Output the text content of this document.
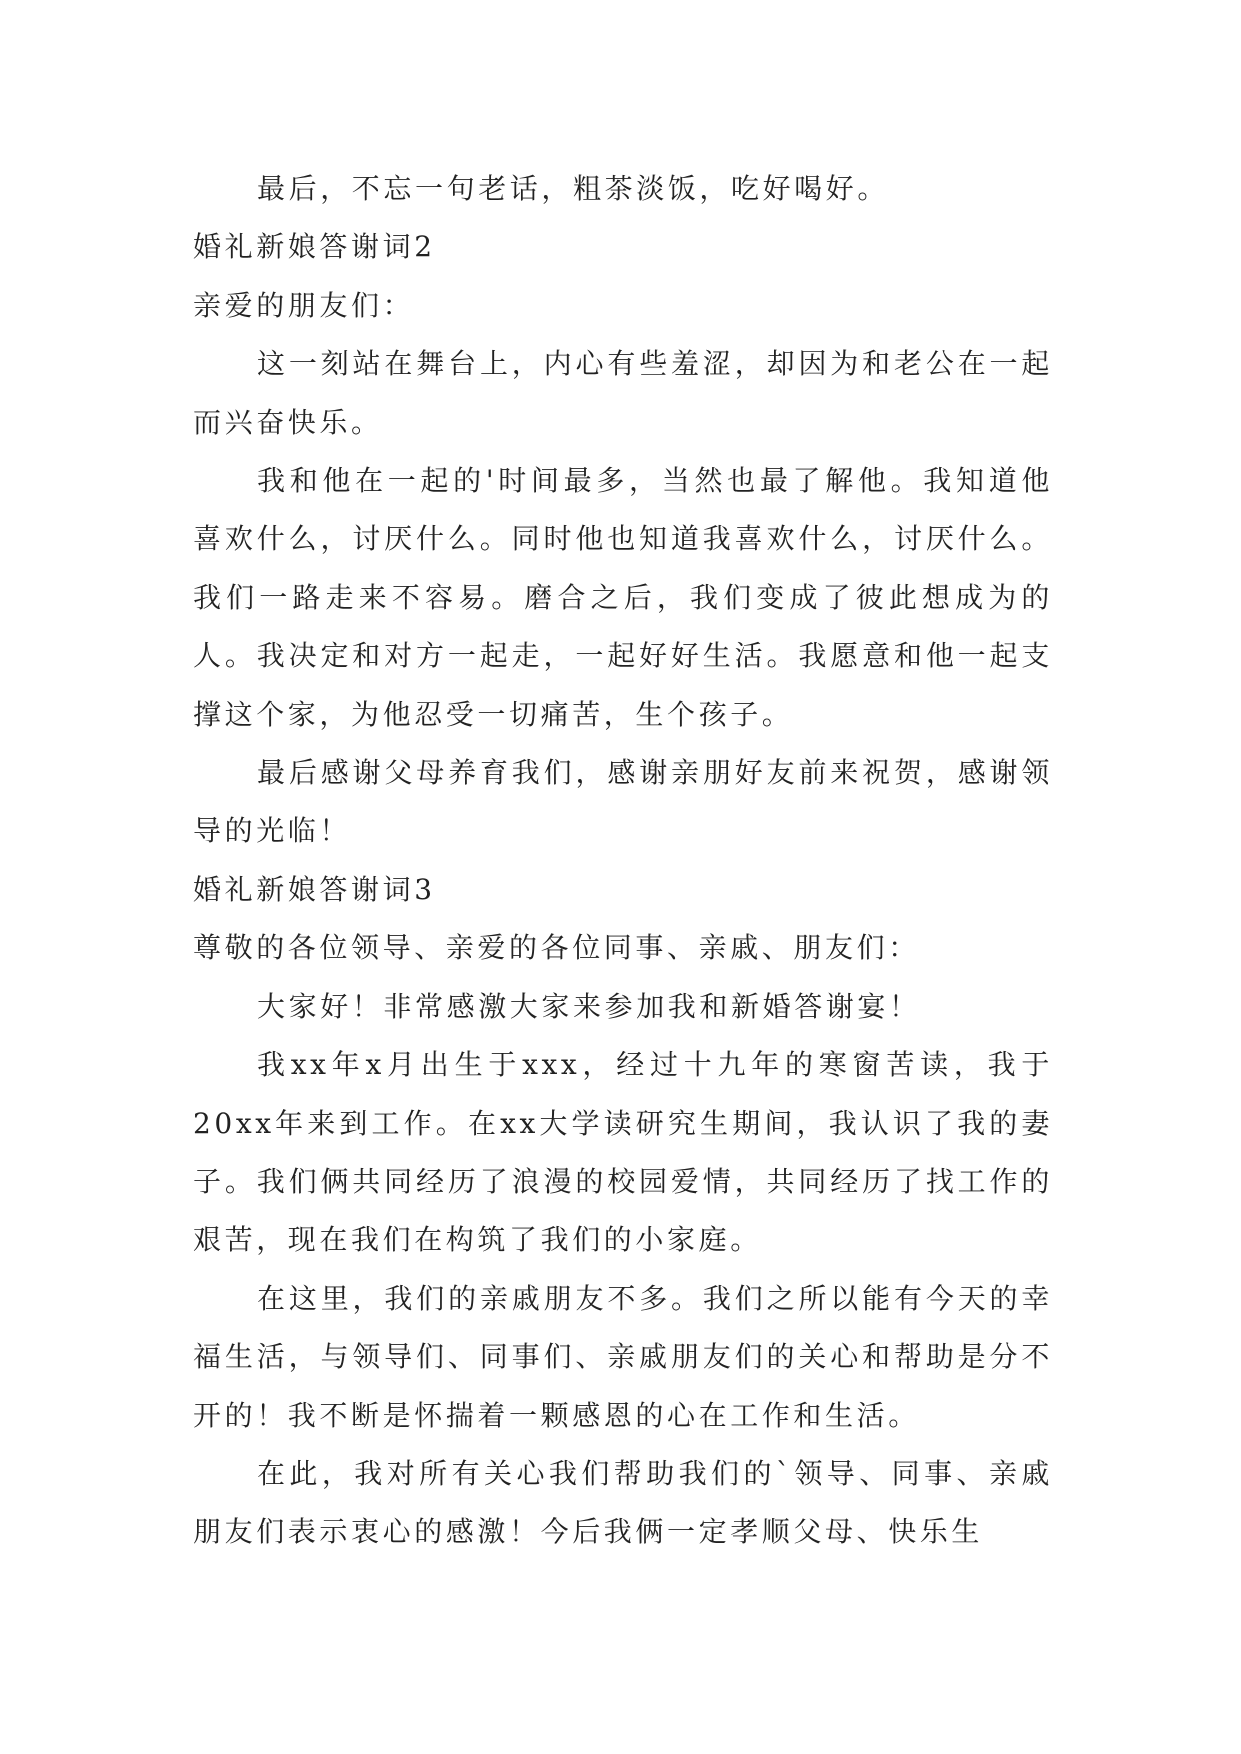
最后，不忘一句老话，粗茶淡饭，吃好喝好。

婚礼新娘答谢词2

亲爱的朋友们：

这一刻站在舞台上，内心有些羞涩，却因为和老公在一起而兴奋快乐。

我和他在一起的'时间最多，当然也最了解他。我知道他喜欢什么，讨厌什么。同时他也知道我喜欢什么，讨厌什么。我们一路走来不容易。磨合之后，我们变成了彼此想成为的人。我决定和对方一起走，一起好好生活。我愿意和他一起支撑这个家，为他忍受一切痛苦，生个孩子。

最后感谢父母养育我们，感谢亲朋好友前来祝贺，感谢领导的光临！

婚礼新娘答谢词3

尊敬的各位领导、亲爱的各位同事、亲戚、朋友们：

大家好！非常感激大家来参加我和新婚答谢宴！

我xx年x月出生于xxx，经过十九年的寒窗苦读，我于20xx年来到工作。在xx大学读研究生期间，我认识了我的妻子。我们俩共同经历了浪漫的校园爱情，共同经历了找工作的艰苦，现在我们在构筑了我们的小家庭。

在这里，我们的亲戚朋友不多。我们之所以能有今天的幸福生活，与领导们、同事们、亲戚朋友们的关心和帮助是分不开的！我不断是怀揣着一颗感恩的心在工作和生活。

在此，我对所有关心我们帮助我们的`领导、同事、亲戚朋友们表示衷心的感激！今后我俩一定孝顺父母、快乐生
